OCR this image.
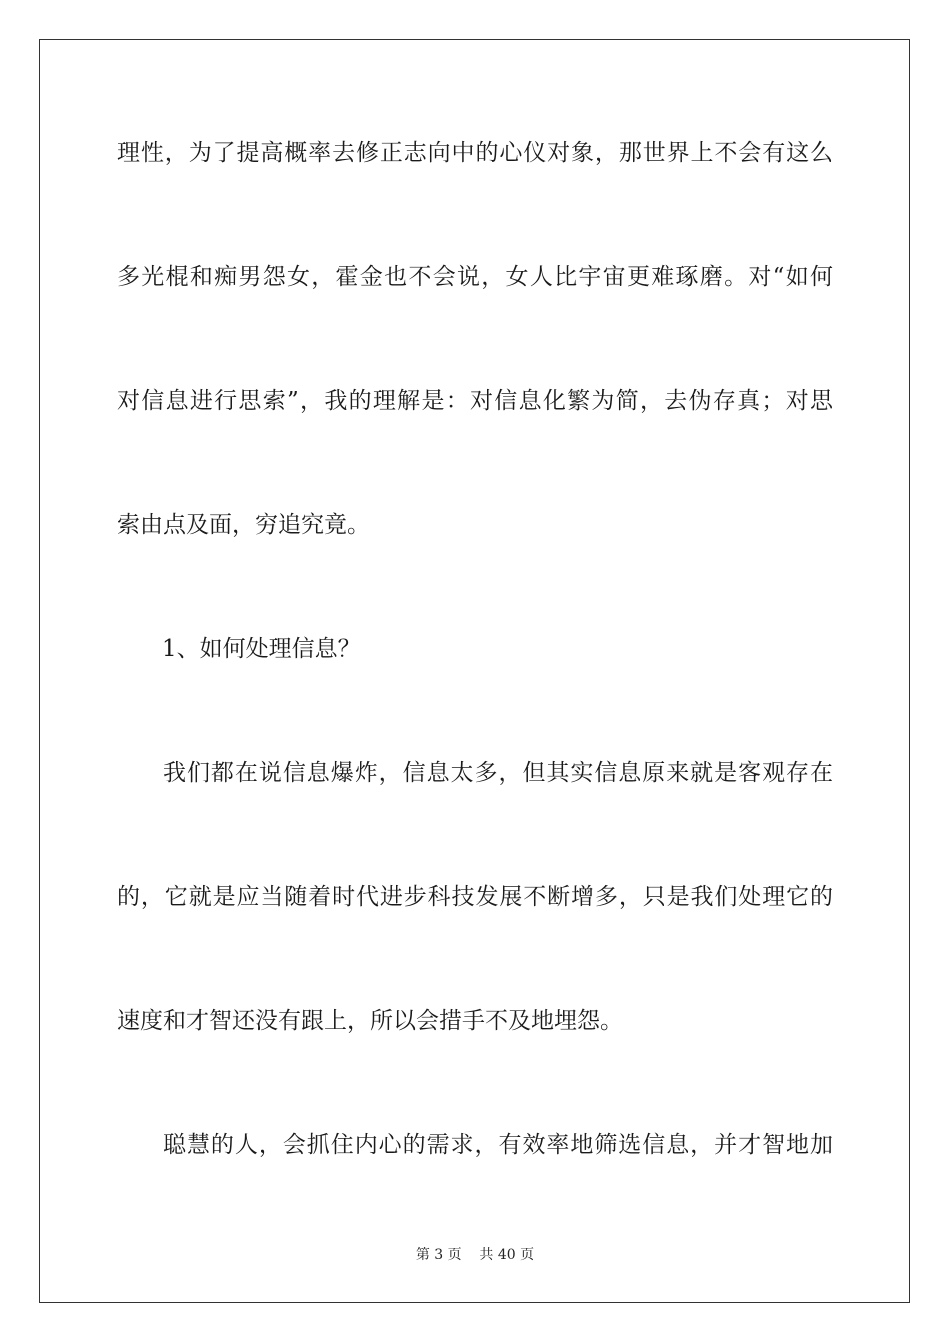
理性，为了提高概率去修正志向中的心仪对象，那世界上不会有这么
多光棍和痴男怨女，霍金也不会说，女人比宇宙更难琢磨。对“如何
对信息进行思索”，我的理解是：对信息化繁为简，去伪存真；对思
索由点及面，穷追究竟。
1、如何处理信息？
我们都在说信息爆炸，信息太多，但其实信息原来就是客观存在
的，它就是应当随着时代进步科技发展不断增多，只是我们处理它的
速度和才智还没有跟上，所以会措手不及地埋怨。
聪慧的人，会抓住内心的需求，有效率地筛选信息，并才智地加
第 3 页    共 40 页
